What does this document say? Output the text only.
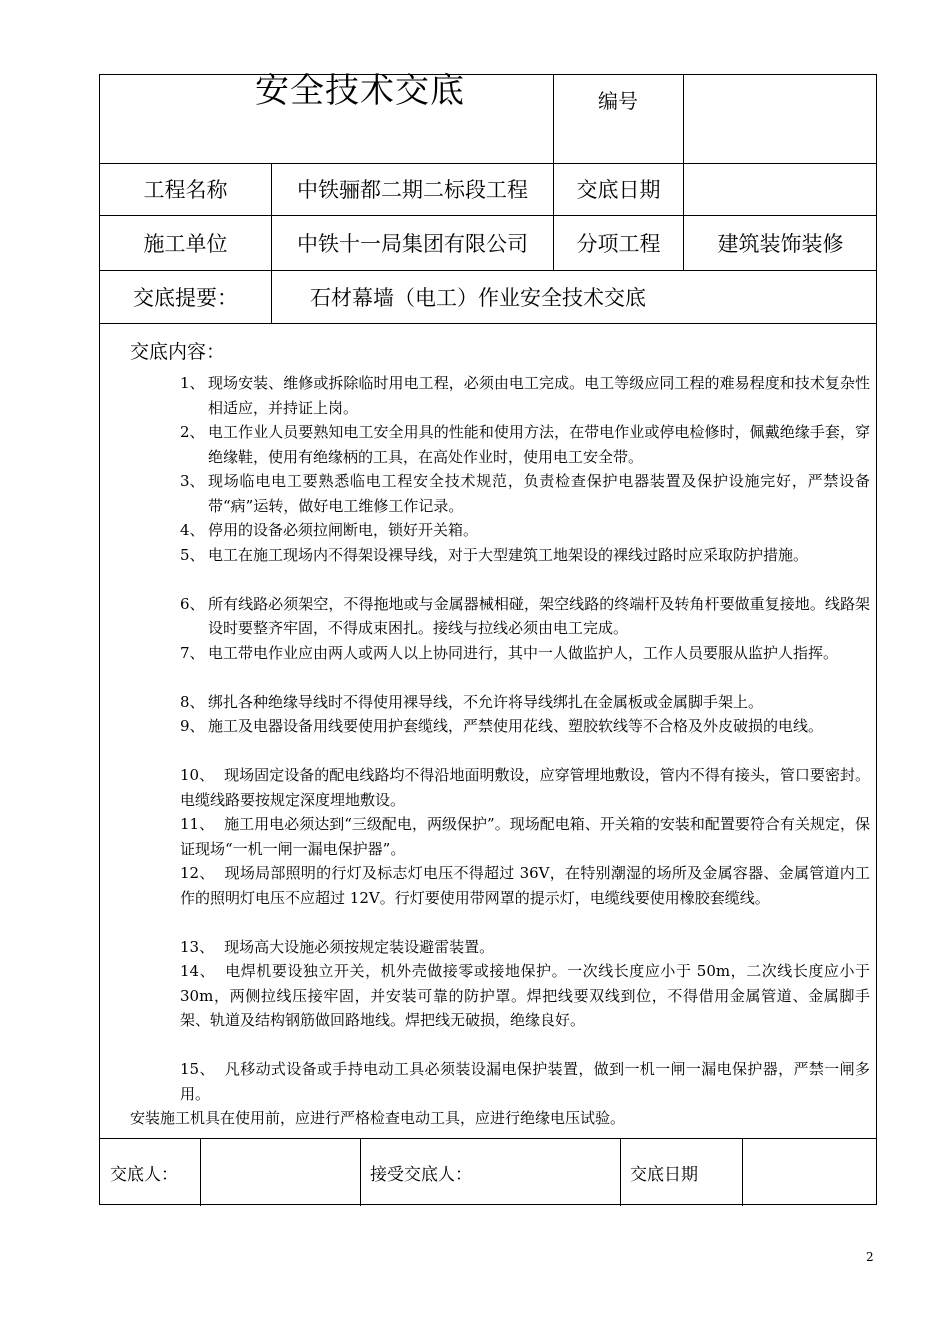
安全技术交底	编号
工程名称	中铁骊都二期二标段工程	交底日期
施工单位	中铁十一局集团有限公司	分项工程	建筑装饰装修
交底提要：	石材幕墙（电工）作业安全技术交底
交底内容：
1、 现场安装、维修或拆除临时用电工程，必须由电工完成。电工等级应同工程的难易程度和技术复杂性相适应，并持证上岗。
2、 电工作业人员要熟知电工安全用具的性能和使用方法，在带电作业或停电检修时，佩戴绝缘手套，穿绝缘鞋，使用有绝缘柄的工具，在高处作业时，使用电工安全带。
3、 现场临电电工要熟悉临电工程安全技术规范，负责检查保护电器装置及保护设施完好，严禁设备带“病”运转，做好电工维修工作记录。
4、 停用的设备必须拉闸断电，锁好开关箱。
5、 电工在施工现场内不得架设裸导线，对于大型建筑工地架设的裸线过路时应采取防护措施。
6、 所有线路必须架空，不得拖地或与金属器械相碰，架空线路的终端杆及转角杆要做重复接地。线路架设时要整齐牢固，不得成束困扎。接线与拉线必须由电工完成。
7、 电工带电作业应由两人或两人以上协同进行，其中一人做监护人，工作人员要服从监护人指挥。
8、 绑扎各种绝缘导线时不得使用裸导线，不允许将导线绑扎在金属板或金属脚手架上。
9、 施工及电器设备用线要使用护套缆线，严禁使用花线、塑胶软线等不合格及外皮破损的电线。
10、 现场固定设备的配电线路均不得沿地面明敷设，应穿管埋地敷设，管内不得有接头，管口要密封。电缆线路要按规定深度埋地敷设。
11、 施工用电必须达到“三级配电，两级保护”。现场配电箱、开关箱的安装和配置要符合有关规定，保证现场“一机一闸一漏电保护器”。
12、 现场局部照明的行灯及标志灯电压不得超过 36V，在特别潮湿的场所及金属容器、金属管道内工作的照明灯电压不应超过 12V。行灯要使用带网罩的提示灯，电缆线要使用橡胶套缆线。
13、 现场高大设施必须按规定装设避雷装置。
14、 电焊机要设独立开关，机外壳做接零或接地保护。一次线长度应小于 50m，二次线长度应小于 30m，两侧拉线压接牢固，并安装可靠的防护罩。焊把线要双线到位，不得借用金属管道、金属脚手架、轨道及结构钢筋做回路地线。焊把线无破损，绝缘良好。
15、 凡移动式设备或手持电动工具必须装设漏电保护装置，做到一机一闸一漏电保护器，严禁一闸多用。
安装施工机具在使用前，应进行严格检查电动工具，应进行绝缘电压试验。
交底人：	接受交底人：	交底日期
2
